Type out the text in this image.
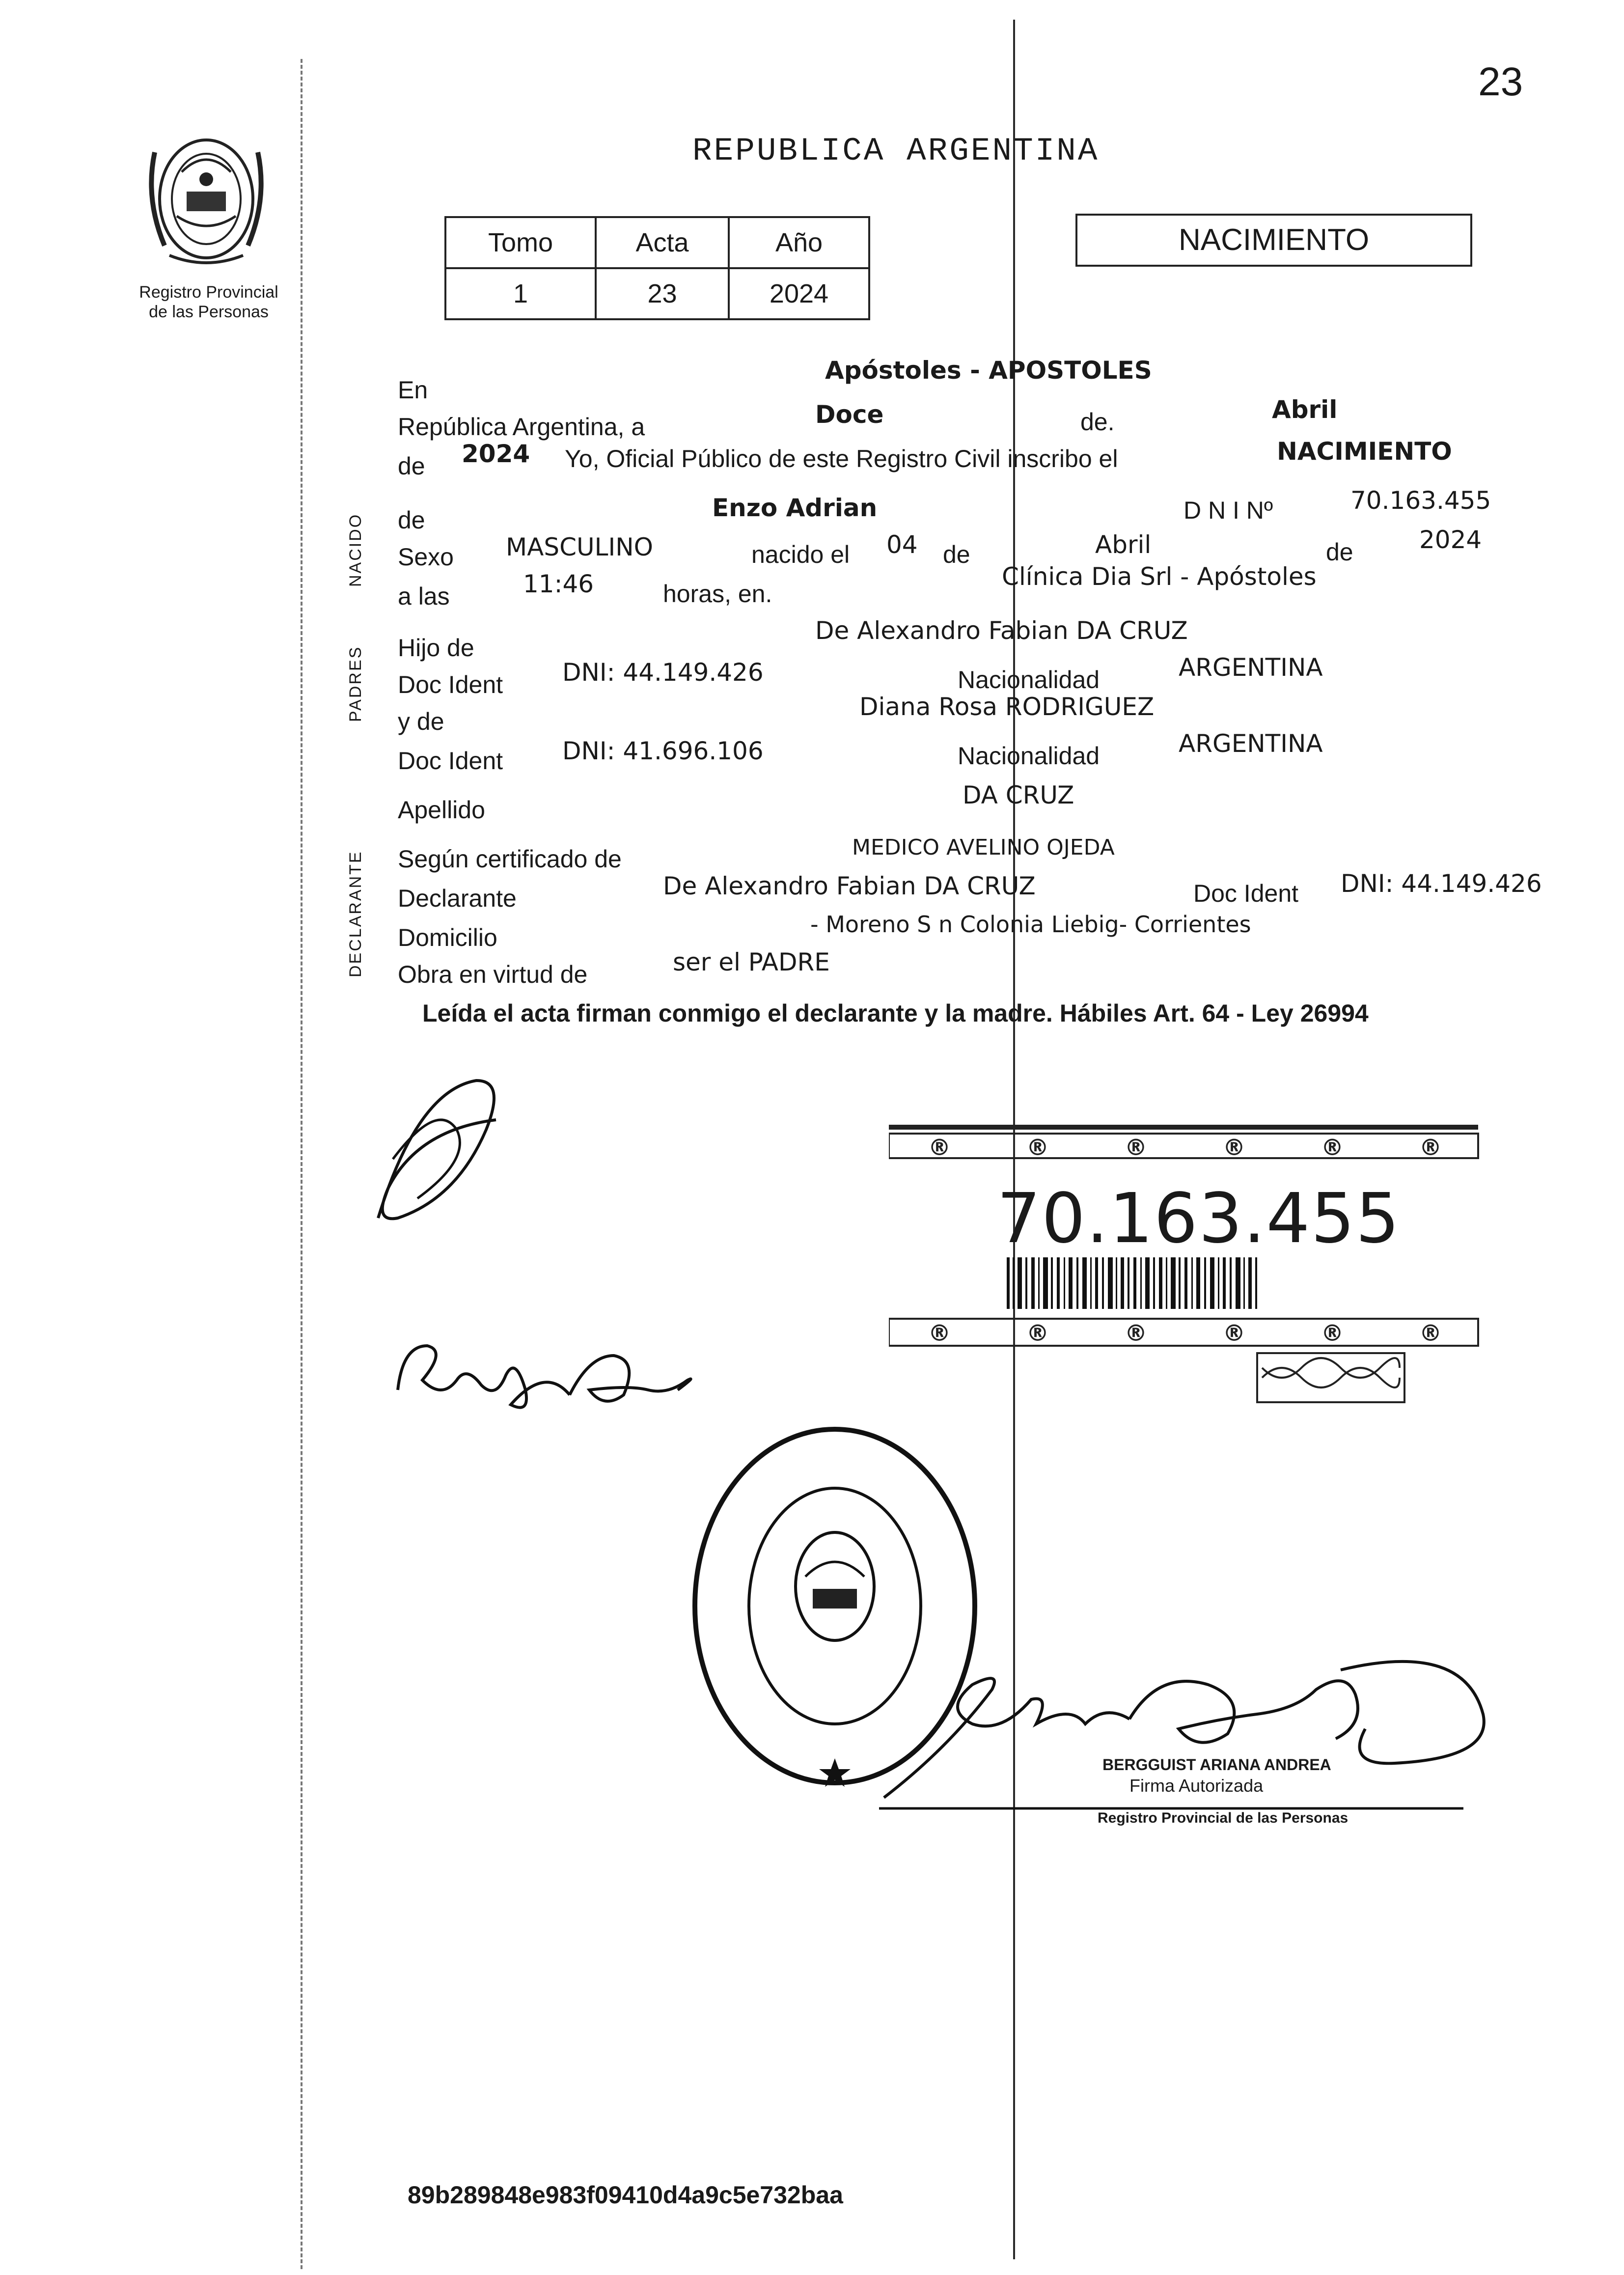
23
Registro Provincial
de las Personas
REPUBLICA ARGENTINA
Tomo	Acta	Año
1	23	2024
NACIMIENTO
NACIDO
PADRES
DECLARANTE
En
Apóstoles - APOSTOLES
República Argentina, a	Doce	de.	Abril
de 2024 Yo, Oficial Público de este Registro Civil inscribo el	NACIMIENTO
de	Enzo Adrian	D N I Nº	70.163.455
Sexo MASCULINO	nacido el 04 de	Abril	de	2024
a las	11:46	horas, en.
Clínica Dia Srl - Apóstoles
Hijo de
De Alexandro Fabian DA CRUZ
Doc Ident DNI: 44.149.426	Nacionalidad	ARGENTINA
y de
Diana Rosa RODRIGUEZ
Doc Ident DNI: 41.696.106	Nacionalidad	ARGENTINA
Apellido
DA CRUZ
Según certificado de	MEDICO AVELINO OJEDA
Declarante	De Alexandro Fabian DA CRUZ	Doc Ident DNI: 44.149.426
Domicilio	- Moreno S n Colonia Liebig- Corrientes
Obra en virtud de	ser el PADRE
Leída el acta firman conmigo el declarante y la madre. Hábiles Art. 64 - Ley 26994
®	®	®	®	®	®
®	®	®	®	®	®
70.163.455
BERGGUIST ARIANA ANDREA
Firma Autorizada
Registro Provincial de las Personas
89b289848e983f09410d4a9c5e732baa
